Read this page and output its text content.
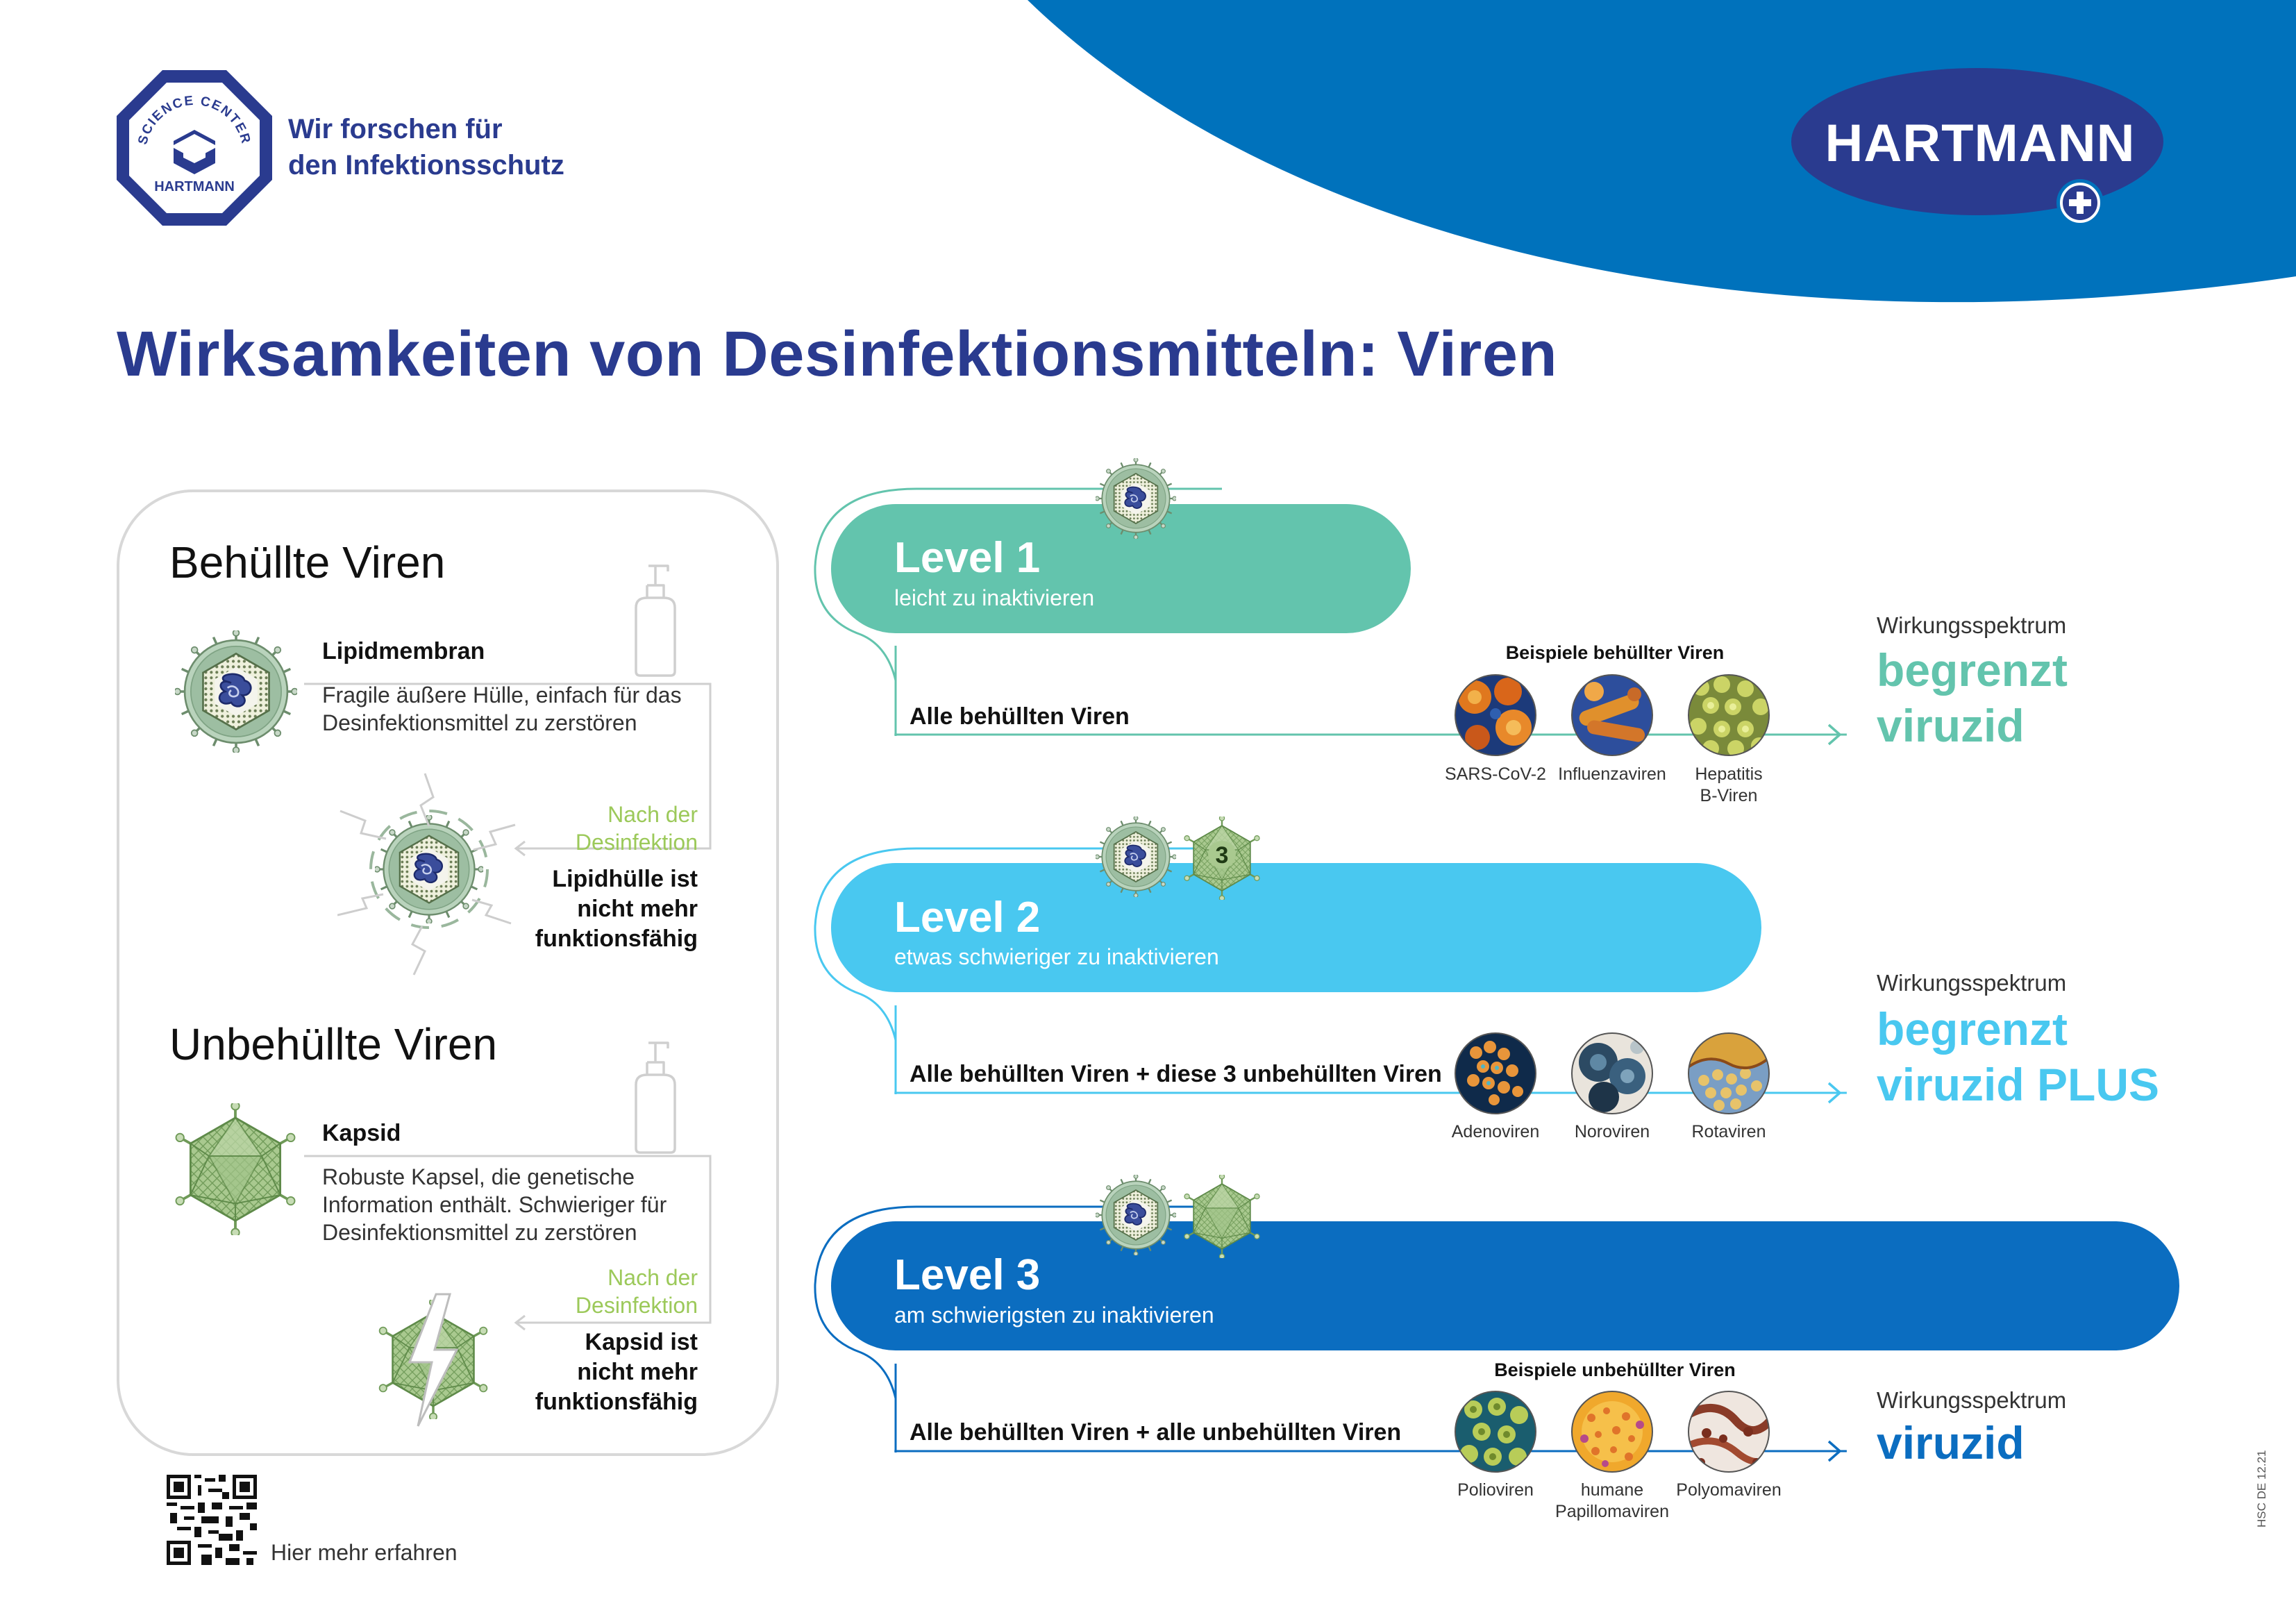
HARTMANN
SCIENCE CENTER
HARTMANN
Wir forschen für
den Infektionsschutz
Wirksamkeiten von Desinfektionsmitteln: Viren
Behüllte Viren
Lipidmembran
Fragile äußere Hülle, einfach für das Desinfektionsmittel zu zerstören
Nach der
Desinfektion
Lipidhülle ist
nicht mehr
funktionsfähig
Unbehüllte Viren
Kapsid
Robuste Kapsel, die genetische Information enthält. Schwieriger für Desinfektionsmittel zu zerstören
Nach der
Desinfektion
Kapsid ist
nicht mehr
funktionsfähig
Hier mehr erfahren
Level 1
leicht zu inaktivieren
Alle behüllten Viren
Beispiele behüllter Viren
SARS-CoV-2 Influenzaviren	Hepatitis
B-Viren
Wirkungsspektrum
begrenzt
viruzid
3
Level 2
etwas schwieriger zu inaktivieren
Alle behüllten Viren + diese 3 unbehüllten Viren
Adenoviren	Noroviren	Rotaviren
Wirkungsspektrum
begrenzt
viruzid PLUS
Level 3
am schwierigsten zu inaktivieren
Alle behüllten Viren + alle unbehüllten Viren
Beispiele unbehüllter Viren
Polioviren	humane
Papillomaviren
Polyomaviren
Wirkungsspektrum
viruzid
HSC DE 12.21
